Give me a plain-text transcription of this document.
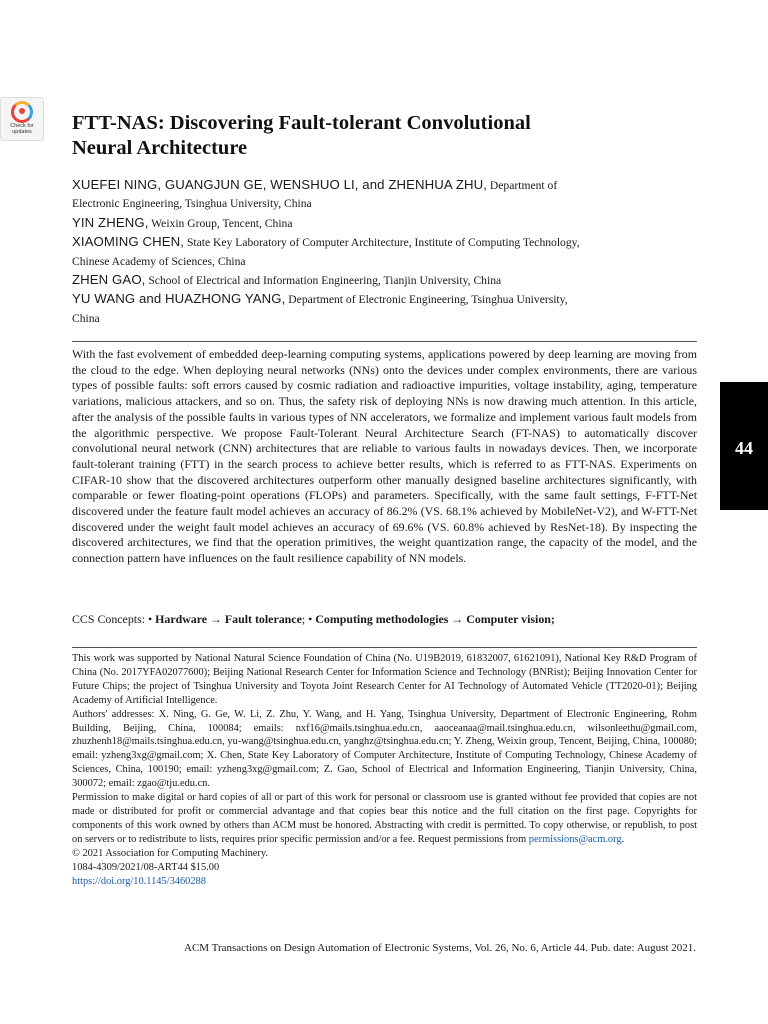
Check for
updates	FTT-NAS: Discovering Fault-tolerant Convolutional
Neural Architecture
XUEFEI NING, GUANGJUN GE, WENSHUO LI, and ZHENHUA ZHU, Department of
Electronic Engineering, Tsinghua University, China
YIN ZHENG, Weixin Group, Tencent, China
XIAOMING CHEN, State Key Laboratory of Computer Architecture, Institute of Computing Technology,
Chinese Academy of Sciences, China
ZHEN GAO, School of Electrical and Information Engineering, Tianjin University, China
YU WANG and HUAZHONG YANG, Department of Electronic Engineering, Tsinghua University,
China
With the fast evolvement of embedded deep-learning computing systems, applications powered by deep learning are moving from the cloud to the edge. When deploying neural networks (NNs) onto the devices under complex environments, there are various types of possible faults: soft errors caused by cosmic radiation and radioactive impurities, voltage instability, aging, temperature variations, malicious attackers, and so on. Thus, the safety risk of deploying NNs is now drawing much attention. In this article, after the analysis of the possible faults in various types of NN accelerators, we formalize and implement various fault models from the algorithmic perspective. We propose Fault-Tolerant Neural Architecture Search (FT-NAS) to automatically discover convolutional neural network (CNN) architectures that are reliable to various faults in nowadays devices. Then, we incorporate fault-tolerant training (FTT) in the search process to achieve better results, which is referred to as FTT-NAS. Experiments on CIFAR-10 show that the discovered architectures outperform other manually designed baseline architectures significantly, with comparable or fewer floating-point operations (FLOPs) and parameters. Specifically, with the same fault settings, F-FTT-Net discovered under the feature fault model achieves an accuracy of 86.2% (VS. 68.1% achieved by MobileNet-V2), and W-FTT-Net discovered under the weight fault model achieves an accuracy of 69.6% (VS. 60.8% achieved by ResNet-18). By inspecting the discovered architectures, we find that the operation primitives, the weight quantization range, the capacity of the model, and the connection pattern have influences on the fault resilience capability of NN models.
CCS Concepts: • Hardware → Fault tolerance; • Computing methodologies → Computer vision;

This work was supported by National Natural Science Foundation of China (No. U19B2019, 61832007, 61621091), National Key R&D Program of China (No. 2017YFA02077600); Beijing National Research Center for Information Science and Technology (BNRist); Beijing Innovation Center for Future Chips; the project of Tsinghua University and Toyota Joint Research Center for AI Technology of Automated Vehicle (TT2020-01); Beijing Academy of Artificial Intelligence.

Authors' addresses: X. Ning, G. Ge, W. Li, Z. Zhu, Y. Wang, and H. Yang, Tsinghua University, Department of Electronic Engineering, Rohm Building, Beijing, China, 100084; emails: nxf16@mails.tsinghua.edu.cn, aaoceanaa@mail.tsinghua.edu.cn, wilsonleethu@gmail.com, zhuzhenh18@mails.tsinghua.edu.cn, yu-wang@tsinghua.edu.cn, yanghz@tsinghua.edu.cn; Y. Zheng, Weixin group, Tencent, Beijing, China, 100080; email: yzheng3xg@gmail.com; X. Chen, State Key Laboratory of Computer Architecture, Institute of Computing Technology, Chinese Academy of Sciences, China, 100190; email: yzheng3xg@gmail.com; Z. Gao, School of Electrical and Information Engineering, Tianjin University, China, 300072; email: zgao@tju.edu.cn.

Permission to make digital or hard copies of all or part of this work for personal or classroom use is granted without fee provided that copies are not made or distributed for profit or commercial advantage and that copies bear this notice and the full citation on the first page. Copyrights for components of this work owned by others than ACM must be honored. Abstracting with credit is permitted. To copy otherwise, or republish, to post on servers or to redistribute to lists, requires prior specific permission and/or a fee. Request permissions from permissions@acm.org.

© 2021 Association for Computing Machinery.

1084-4309/2021/08-ART44 $15.00

https://doi.org/10.1145/3460288

44
ACM Transactions on Design Automation of Electronic Systems, Vol. 26, No. 6, Article 44. Pub. date: August 2021.
